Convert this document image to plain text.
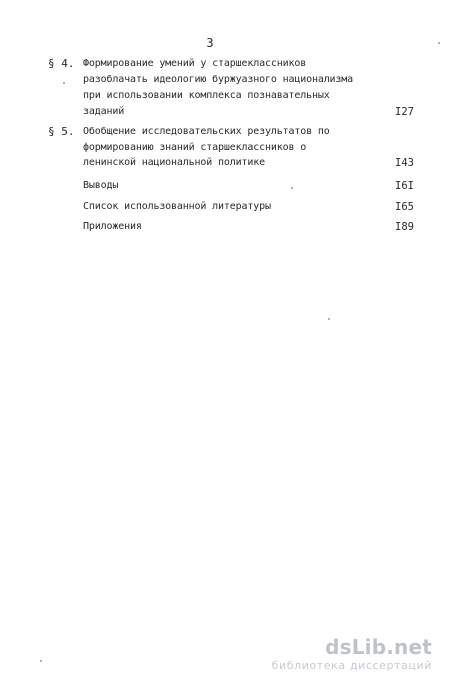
3
§ 4. Формирование умений у старшеклассников
разоблачать идеологию буржуазного национализма
при использовании комплекса познавательных
заданий	I27
§ 5. Обобщение исследовательских результатов по
формированию знаний старшеклассников о
ленинской национальной политике	I43
Выводы	I6I
Список использованной литературы	I65
Приложения	I89
dsLib.net
библиотека диссертаций
